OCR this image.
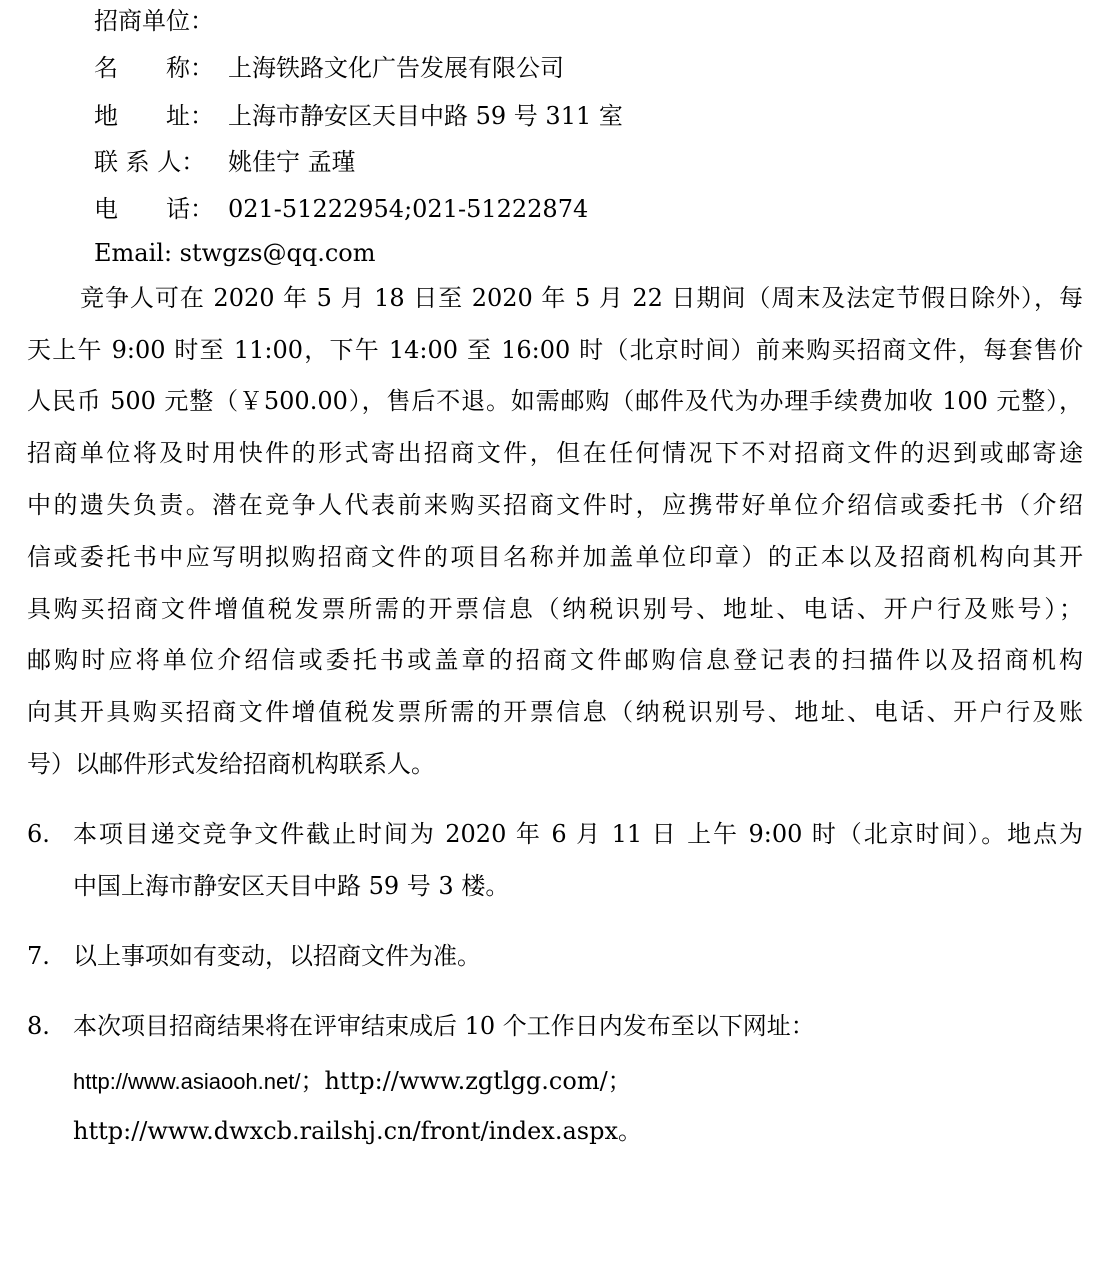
招商单位：
名　　称： 上海铁路文化广告发展有限公司
地　　址： 上海市静安区天目中路 59 号 311 室
联 系 人： 姚佳宁 孟瑾
电　　话： 021-51222954;021-51222874
Email: stwgzs@qq.com
竞争人可在 2020 年 5 月 18 日至 2020 年 5 月 22 日期间（周末及法定节假日除外），每
天上午 9:00 时至 11:00，下午 14:00 至 16:00 时（北京时间）前来购买招商文件，每套售价
人民币 500 元整（￥500.00），售后不退。如需邮购（邮件及代为办理手续费加收 100 元整），
招商单位将及时用快件的形式寄出招商文件，但在任何情况下不对招商文件的迟到或邮寄途
中的遗失负责。潜在竞争人代表前来购买招商文件时，应携带好单位介绍信或委托书（介绍
信或委托书中应写明拟购招商文件的项目名称并加盖单位印章）的正本以及招商机构向其开
具购买招商文件增值税发票所需的开票信息（纳税识别号、地址、电话、开户行及账号）；
邮购时应将单位介绍信或委托书或盖章的招商文件邮购信息登记表的扫描件以及招商机构
向其开具购买招商文件增值税发票所需的开票信息（纳税识别号、地址、电话、开户行及账
号）以邮件形式发给招商机构联系人。
6. 本项目递交竞争文件截止时间为 2020 年 6 月 11 日 上午 9:00 时（北京时间）。地点为
中国上海市静安区天目中路 59 号 3 楼。
7. 以上事项如有变动，以招商文件为准。
8. 本次项目招商结果将在评审结束成后 10 个工作日内发布至以下网址：
http://www.asiaooh.net/；http://www.zgtlgg.com/；
http://www.dwxcb.railshj.cn/front/index.aspx。
